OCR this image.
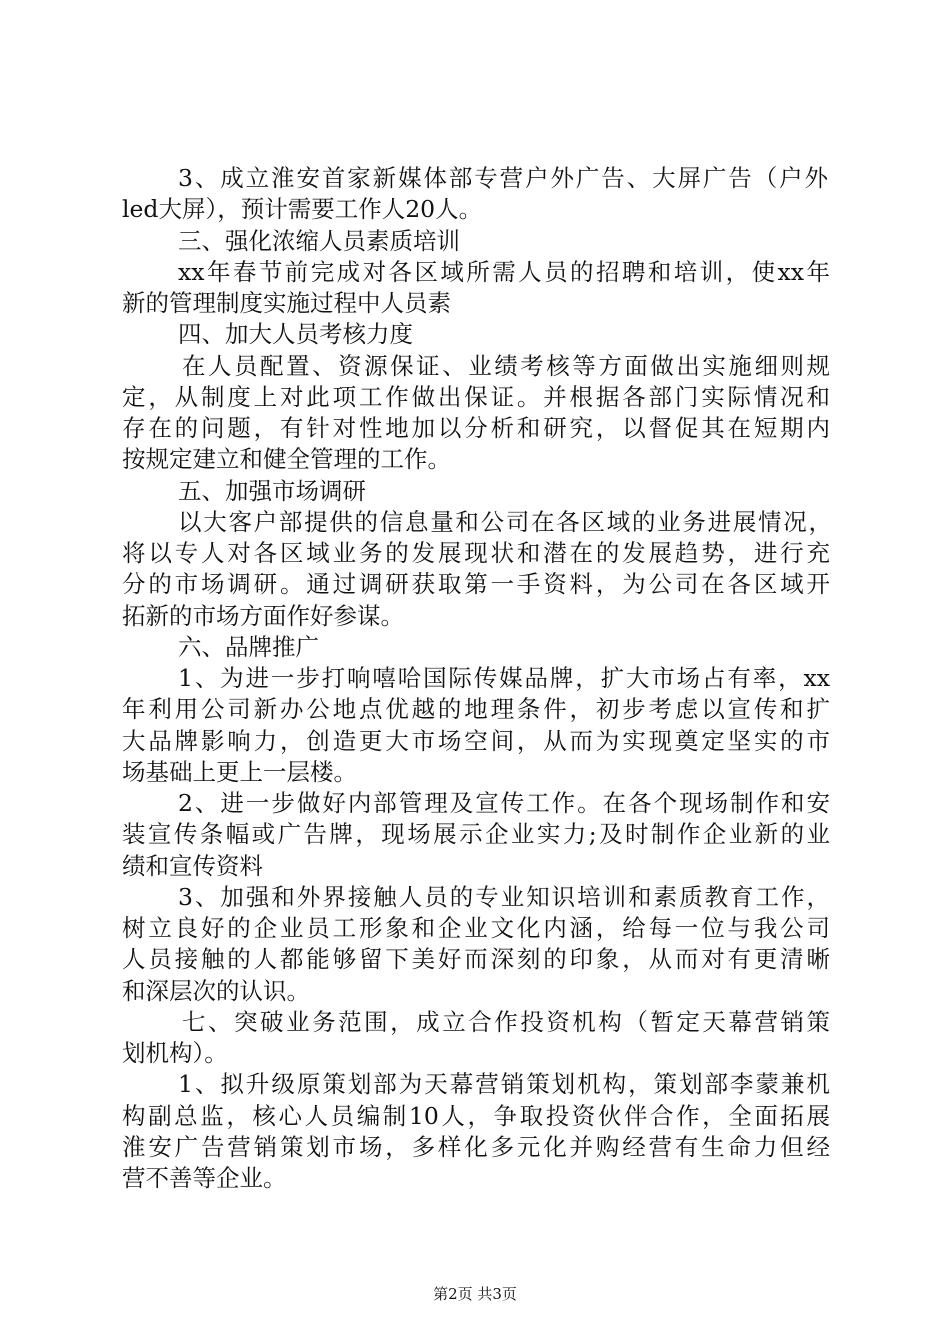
3、成立淮安首家新媒体部专营户外广告、大屏广告（户外
led大屏），预计需要工作人20人。
三、强化浓缩人员素质培训
xx年春节前完成对各区域所需人员的招聘和培训，使xx年
新的管理制度实施过程中人员素
四、加大人员考核力度
在人员配置、资源保证、业绩考核等方面做出实施细则规
定，从制度上对此项工作做出保证。并根据各部门实际情况和
存在的问题，有针对性地加以分析和研究，以督促其在短期内
按规定建立和健全管理的工作。
五、加强市场调研
以大客户部提供的信息量和公司在各区域的业务进展情况，
将以专人对各区域业务的发展现状和潜在的发展趋势，进行充
分的市场调研。通过调研获取第一手资料，为公司在各区域开
拓新的市场方面作好参谋。
六、品牌推广
1、为进一步打响嘻哈国际传媒品牌，扩大市场占有率，xx
年利用公司新办公地点优越的地理条件，初步考虑以宣传和扩
大品牌影响力，创造更大市场空间，从而为实现奠定坚实的市
场基础上更上一层楼。
2、进一步做好内部管理及宣传工作。在各个现场制作和安
装宣传条幅或广告牌，现场展示企业实力;及时制作企业新的业
绩和宣传资料
3、加强和外界接触人员的专业知识培训和素质教育工作，
树立良好的企业员工形象和企业文化内涵，给每一位与我公司
人员接触的人都能够留下美好而深刻的印象，从而对有更清晰
和深层次的认识。
七、突破业务范围，成立合作投资机构（暂定天幕营销策
划机构）。
1、拟升级原策划部为天幕营销策划机构，策划部李蒙兼机
构副总监，核心人员编制10人，争取投资伙伴合作，全面拓展
淮安广告营销策划市场，多样化多元化并购经营有生命力但经
营不善等企业。
第2页 共3页
